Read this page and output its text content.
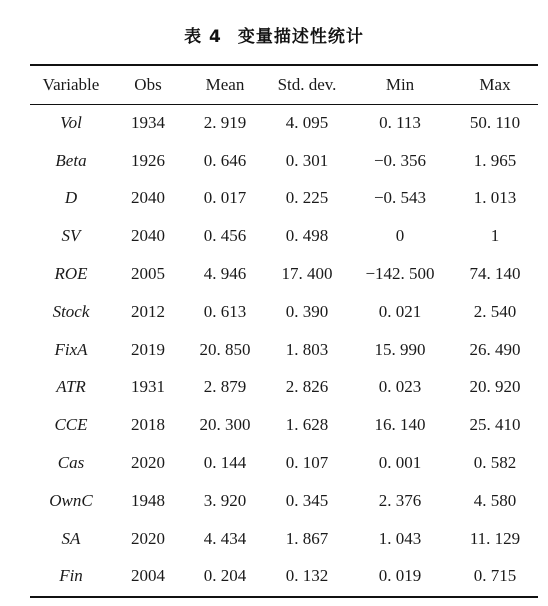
表 4 变量描述性统计
Variable	Obs	Mean	Std. dev.	Min	Max
Vol	1934	2. 919	4. 095	0. 113	50. 110
Beta	1926	0. 646	0. 301	−0. 356	1. 965
D	2040	0. 017	0. 225	−0. 543	1. 013
SV	2040	0. 456	0. 498	0	1
ROE	2005	4. 946	17. 400	−142. 500	74. 140
Stock	2012	0. 613	0. 390	0. 021	2. 540
FixA	2019	20. 850	1. 803	15. 990	26. 490
ATR	1931	2. 879	2. 826	0. 023	20. 920
CCE	2018	20. 300	1. 628	16. 140	25. 410
Cas	2020	0. 144	0. 107	0. 001	0. 582
OwnC	1948	3. 920	0. 345	2. 376	4. 580
SA	2020	4. 434	1. 867	1. 043	11. 129
Fin	2004	0. 204	0. 132	0. 019	0. 715
